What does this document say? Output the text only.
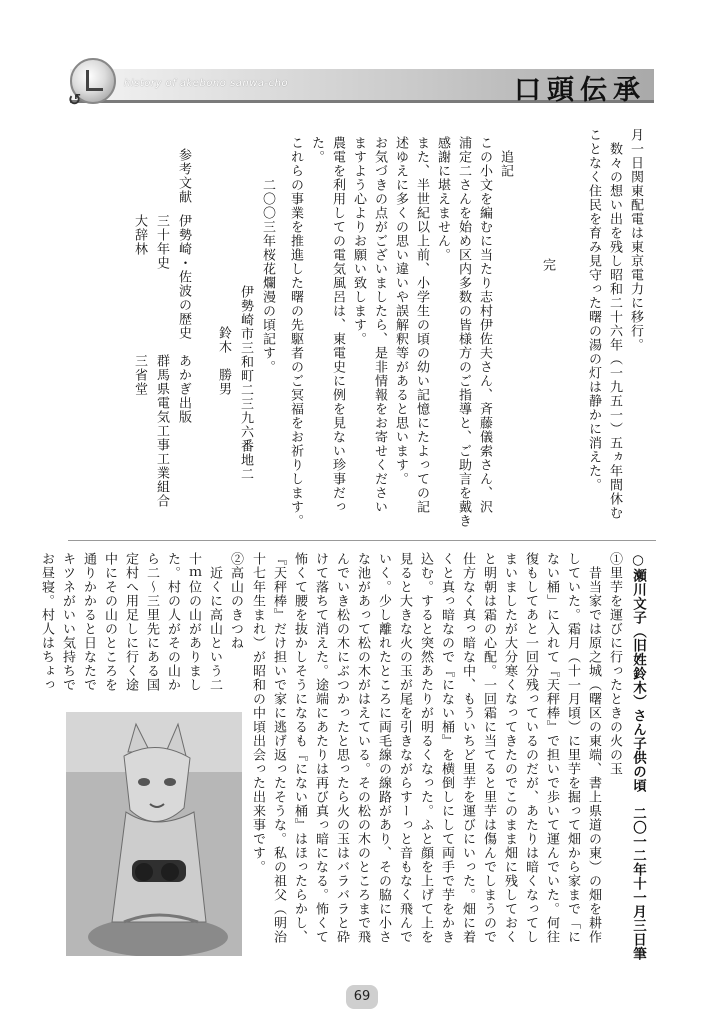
↺
history of akebono sanwa-cho	口頭伝承
月一日関東配電は東京電力に移行。
　数々の想い出を残し昭和二十六年（一九五一）五ヵ年間休む
ことなく住民を育み見守った曙の湯の灯は静かに消えた。
完
追記
この小文を編むに当たり志村伊佐夫さん、斉藤儀索さん、沢
浦定二さんを始め区内多数の皆様方のご指導と、ご助言を戴き
感謝に堪えません。
また、半世紀以上前、小学生の頃の幼い記憶にたよっての記
述ゆえに多くの思い違いや誤解釈等があると思います。
お気づきの点がございましたら、是非情報をお寄せください
ますよう心よりお願い致します。
農電を利用しての電気風呂は、東電史に例を見ない珍事だっ
た。
これらの事業を推進した曙の先駆者のご冥福をお祈りします。
二〇〇三年桜花爛漫の頃記す。
伊勢崎市三和町二三九六番地二
鈴木　勝男
参考文献
伊勢崎・佐波の歴史
あかぎ出版
三十年史
群馬県電気工事工業組合
大辞林
三省堂
○瀬川文子（旧姓鈴木）さん子供の頃　二〇一二年十一月三日筆
①里芋を運びに行ったときの火の玉
　昔当家では原之城（曙区の東端、書上県道の東）の畑を耕作
していた。霜月（十一月頃）に里芋を掘って畑から家まで「に
ない桶」に入れて『天秤棒』で担いで歩いて運んでいた。何往
復もしてあと一回分残っているのだが、あたりは暗くなってし
まいましたが大分寒くなってきたのでこのまま畑に残しておく
と明朝は霜の心配。一回霜に当てると里芋は傷んでしまうので
仕方なく真っ暗な中、もういちど里芋を運びにいった。畑に着
くと真っ暗なので『にない桶』を横倒しにして両手で芋をかき
込む。すると突然あたりが明るくなった。ふと顔を上げて上を
見ると大きな火の玉が尾を引きながらすーっと音もなく飛んで
いく。少し離れたところに両毛線の線路があり、その脇に小さ
な池があって松の木がはえている。その松の木のところまで飛
んでいき松の木にぶつかったと思ったら火の玉はバラバラと砕
けて落ちて消えた。途端にあたりは再び真っ暗になる。怖くて
怖くて腰を抜かしそうになるも『にない桶』はほったらかし、
『天秤棒』だけ担いで家に逃げ返ったそうな。私の祖父（明治
十七年生まれ）が昭和の中頃出会った出来事です。
②高山のきつね
　近くに高山という二
十ｍ位の山がありまし
た。村の人がその山か
ら二～三里先にある国
定村へ用足しに行く途
中にその山のところを
通りかかると日なたで
キツネがいい気持ちで
お昼寝。村人はちょっ
69
